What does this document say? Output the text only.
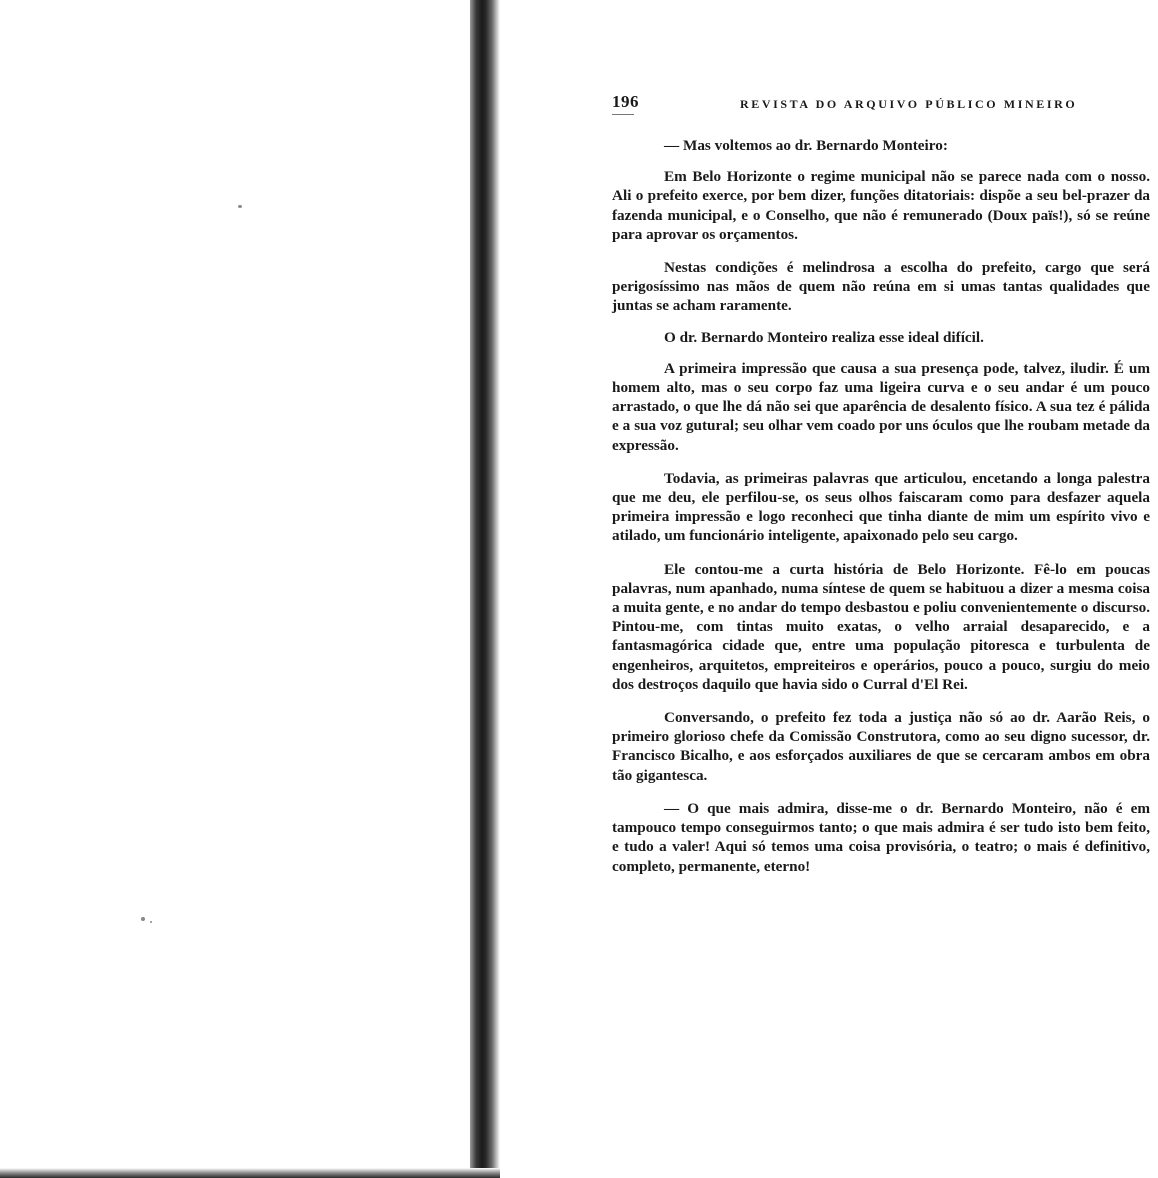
196	REVISTA DO ARQUIVO PÚBLICO MINEIRO

— Mas voltemos ao dr. Bernardo Monteiro:

Em Belo Horizonte o regime municipal não se parece nada com o nosso. Ali o prefeito exerce, por bem dizer, funções ditatoriais: dispõe a seu bel-prazer da fazenda municipal, e o Conselho, que não é remunerado (Doux païs!), só se reúne para aprovar os orçamentos.

Nestas condições é melindrosa a escolha do prefeito, cargo que será perigosíssimo nas mãos de quem não reúna em si umas tantas qualidades que juntas se acham raramente.

O dr. Bernardo Monteiro realiza esse ideal difícil.

A primeira impressão que causa a sua presença pode, talvez, iludir. É um homem alto, mas o seu corpo faz uma ligeira curva e o seu andar é um pouco arrastado, o que lhe dá não sei que aparência de desalento físico. A sua tez é pálida e a sua voz gutural; seu olhar vem coado por uns óculos que lhe roubam metade da expressão.

Todavia, as primeiras palavras que articulou, encetando a longa palestra que me deu, ele perfilou-se, os seus olhos faiscaram como para desfazer aquela primeira impressão e logo reconheci que tinha diante de mim um espírito vivo e atilado, um funcionário inteligente, apaixonado pelo seu cargo.

Ele contou-me a curta história de Belo Horizonte. Fê-lo em poucas palavras, num apanhado, numa síntese de quem se habituou a dizer a mesma coisa a muita gente, e no andar do tempo desbastou e poliu convenientemente o discurso. Pintou-me, com tintas muito exatas, o velho arraial desaparecido, e a fantasmagórica cidade que, entre uma população pitoresca e turbulenta de engenheiros, arquitetos, empreiteiros e operários, pouco a pouco, surgiu do meio dos destroços daquilo que havia sido o Curral d'El Rei.

Conversando, o prefeito fez toda a justiça não só ao dr. Aarão Reis, o primeiro glorioso chefe da Comissão Construtora, como ao seu digno sucessor, dr. Francisco Bicalho, e aos esforçados auxiliares de que se cercaram ambos em obra tão gigantesca.

— O que mais admira, disse-me o dr. Bernardo Monteiro, não é em tampouco tempo conseguirmos tanto; o que mais admira é ser tudo isto bem feito, e tudo a valer! Aqui só temos uma coisa provisória, o teatro; o mais é definitivo, completo, permanente, eterno!
